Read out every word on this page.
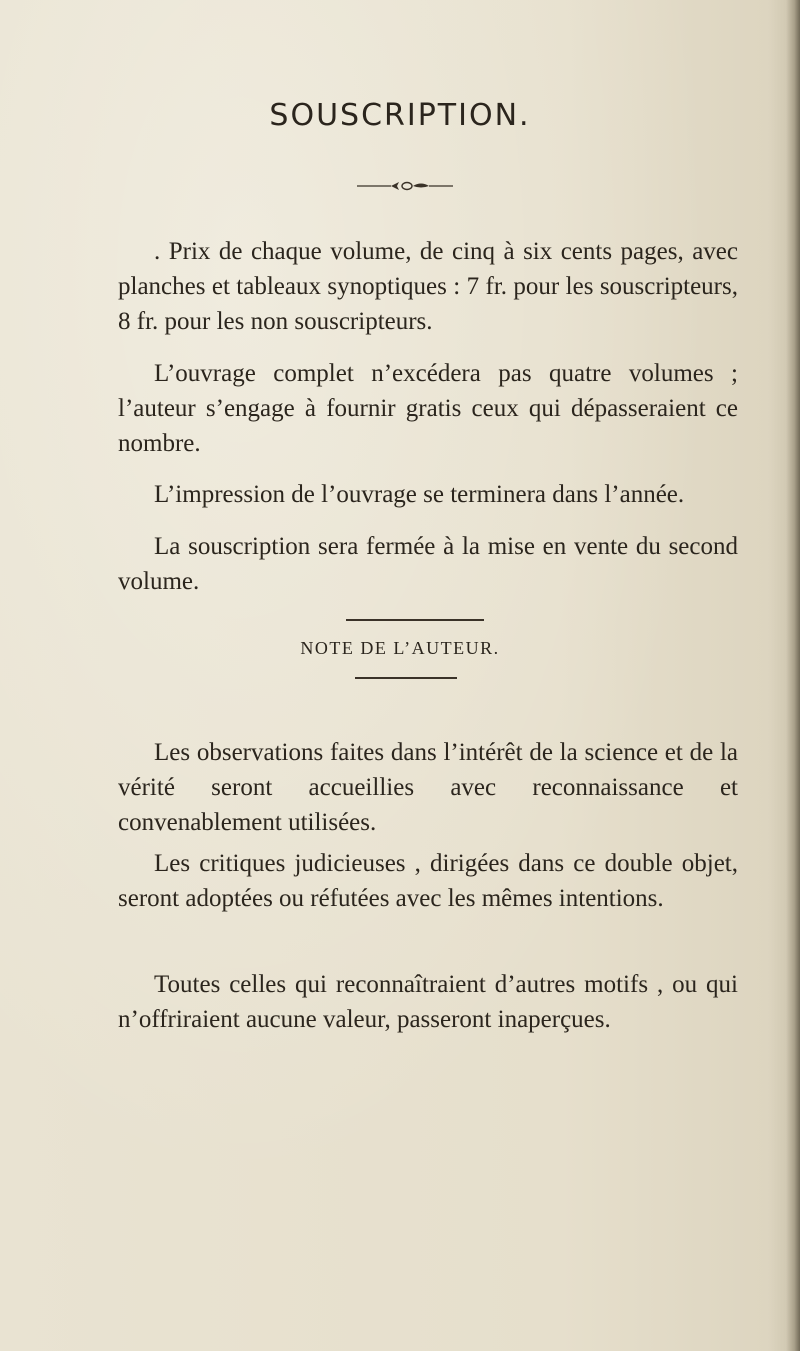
SOUSCRIPTION.

. Prix de chaque volume, de cinq à six cents pages, avec planches et tableaux synoptiques : 7 fr. pour les souscripteurs, 8 fr. pour les non souscripteurs.

L’ouvrage complet n’excédera pas quatre volumes ; l’auteur s’engage à fournir gratis ceux qui dépasseraient ce nombre.

L’impression de l’ouvrage se terminera dans l’année.

La souscription sera fermée à la mise en vente du second volume.

NOTE DE L’AUTEUR.

Les observations faites dans l’intérêt de la science et de la vérité seront accueillies avec reconnaissance et convenablement utilisées.

Les critiques judicieuses , dirigées dans ce double objet, seront adoptées ou réfutées avec les mêmes intentions.

Toutes celles qui reconnaîtraient d’autres motifs , ou qui n’offriraient aucune valeur, passeront inaperçues.
